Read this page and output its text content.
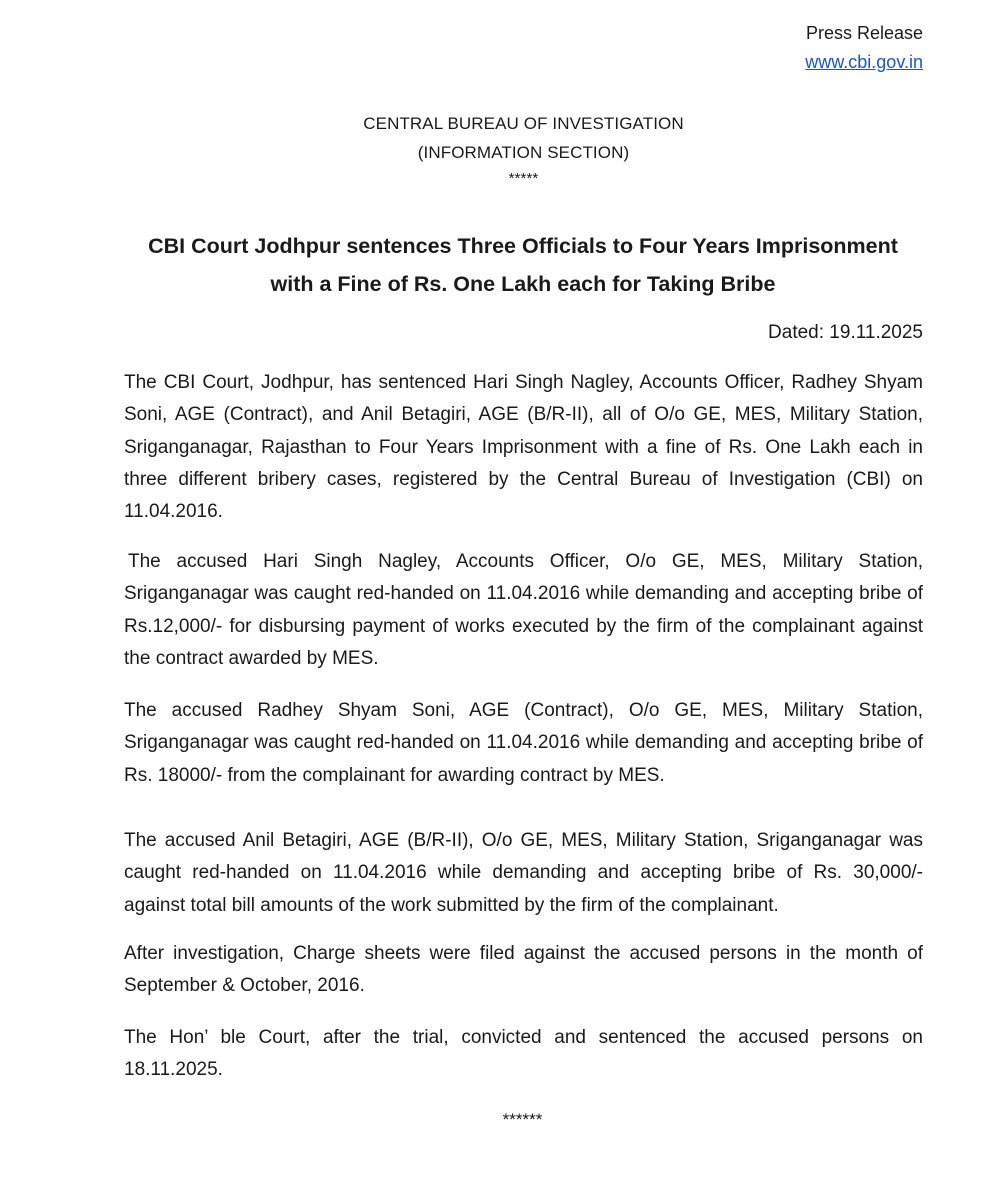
Press Release
www.cbi.gov.in
CENTRAL BUREAU OF INVESTIGATION
(INFORMATION SECTION)
*****
CBI Court Jodhpur sentences Three Officials to Four Years Imprisonment with a Fine of Rs. One Lakh each for Taking Bribe
Dated: 19.11.2025

The CBI Court, Jodhpur, has sentenced Hari Singh Nagley, Accounts Officer, Radhey Shyam Soni, AGE (Contract), and Anil Betagiri, AGE (B/R-II), all of O/o GE, MES, Military Station, Sriganganagar, Rajasthan to Four Years Imprisonment with a fine of Rs. One Lakh each in three different bribery cases, registered by the Central Bureau of Investigation (CBI) on 11.04.2016.

The accused Hari Singh Nagley, Accounts Officer, O/o GE, MES, Military Station, Sriganganagar was caught red-handed on 11.04.2016 while demanding and accepting bribe of Rs.12,000/- for disbursing payment of works executed by the firm of the complainant against the contract awarded by MES.

The accused Radhey Shyam Soni, AGE (Contract), O/o GE, MES, Military Station, Sriganganagar was caught red-handed on 11.04.2016 while demanding and accepting bribe of Rs. 18000/- from the complainant for awarding contract by MES.

The accused Anil Betagiri, AGE (B/R-II), O/o GE, MES, Military Station, Sriganganagar was caught red-handed on 11.04.2016 while demanding and accepting bribe of Rs. 30,000/- against total bill amounts of the work submitted by the firm of the complainant.

After investigation, Charge sheets were filed against the accused persons in the month of September & October, 2016.

The Hon’ ble Court, after the trial, convicted and sentenced the accused persons on 18.11.2025.

******
